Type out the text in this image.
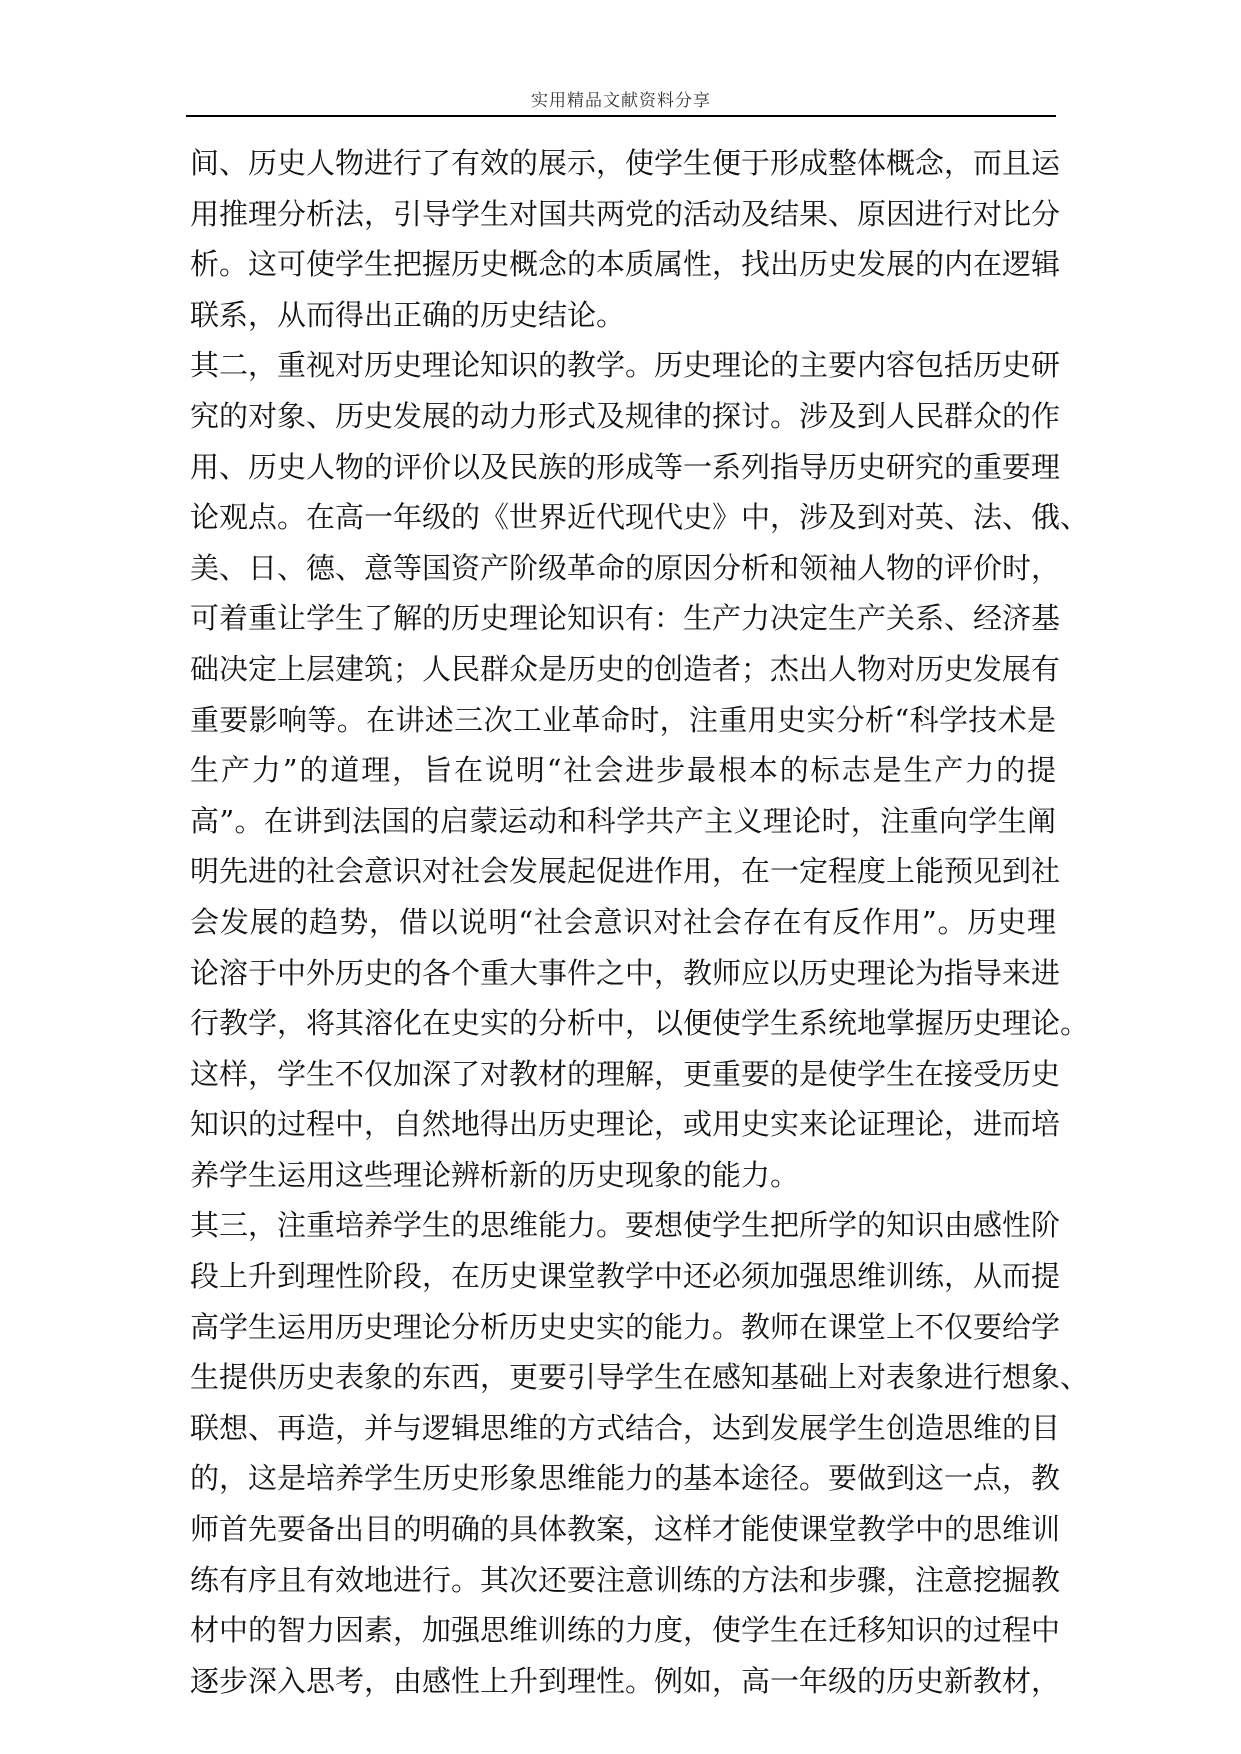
实用精品文献资料分享
间、历史人物进行了有效的展示，使学生便于形成整体概念，而且运
用推理分析法，引导学生对国共两党的活动及结果、原因进行对比分
析。这可使学生把握历史概念的本质属性，找出历史发展的内在逻辑
联系，从而得出正确的历史结论。
其二，重视对历史理论知识的教学。历史理论的主要内容包括历史研
究的对象、历史发展的动力形式及规律的探讨。涉及到人民群众的作
用、历史人物的评价以及民族的形成等一系列指导历史研究的重要理
论观点。在高一年级的《世界近代现代史》中，涉及到对英、法、俄、
美、日、德、意等国资产阶级革命的原因分析和领袖人物的评价时，
可着重让学生了解的历史理论知识有：生产力决定生产关系、经济基
础决定上层建筑；人民群众是历史的创造者；杰出人物对历史发展有
重要影响等。在讲述三次工业革命时，注重用史实分析“科学技术是
生产力”的道理，旨在说明“社会进步最根本的标志是生产力的提
高”。在讲到法国的启蒙运动和科学共产主义理论时，注重向学生阐
明先进的社会意识对社会发展起促进作用，在一定程度上能预见到社
会发展的趋势，借以说明“社会意识对社会存在有反作用”。历史理
论溶于中外历史的各个重大事件之中，教师应以历史理论为指导来进
行教学，将其溶化在史实的分析中，以便使学生系统地掌握历史理论。
这样，学生不仅加深了对教材的理解，更重要的是使学生在接受历史
知识的过程中，自然地得出历史理论，或用史实来论证理论，进而培
养学生运用这些理论辨析新的历史现象的能力。
其三，注重培养学生的思维能力。要想使学生把所学的知识由感性阶
段上升到理性阶段，在历史课堂教学中还必须加强思维训练，从而提
高学生运用历史理论分析历史史实的能力。教师在课堂上不仅要给学
生提供历史表象的东西，更要引导学生在感知基础上对表象进行想象、
联想、再造，并与逻辑思维的方式结合，达到发展学生创造思维的目
的，这是培养学生历史形象思维能力的基本途径。要做到这一点，教
师首先要备出目的明确的具体教案，这样才能使课堂教学中的思维训
练有序且有效地进行。其次还要注意训练的方法和步骤，注意挖掘教
材中的智力因素，加强思维训练的力度，使学生在迁移知识的过程中
逐步深入思考，由感性上升到理性。例如，高一年级的历史新教材，
